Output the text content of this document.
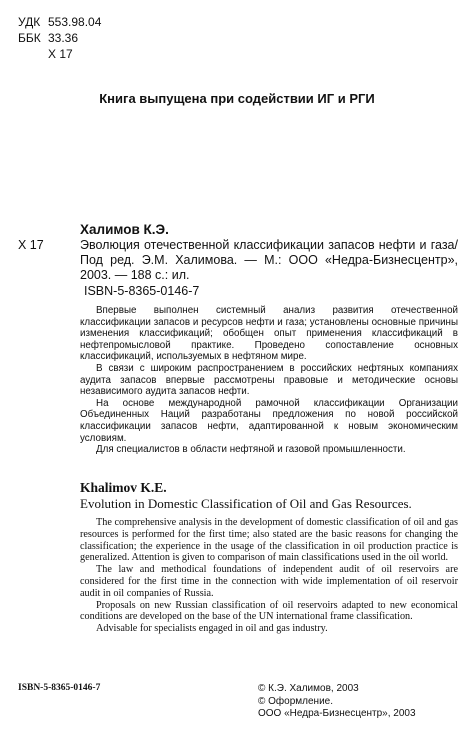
УДК 553.98.04
ББК 33.36
Х 17
Книга выпущена при содействии ИГ и РГИ
Халимов К.Э.
Х 17	Эволюция отечественной классификации запасов нефти и газа/Под ред. Э.М. Халимова. — М.: ООО «Недра-Бизнесцентр», 2003. — 188 с.: ил.
ISBN-5-8365-0146-7

Впервые выполнен системный анализ развития отечественной классификации запасов и ресурсов нефти и газа; установлены основные причины изменения классификаций; обобщен опыт применения классификаций в нефтепромысловой практике. Проведено сопоставление основных классификаций, используемых в нефтяном мире.

В связи с широким распространением в российских нефтяных компаниях аудита запасов впервые рассмотрены правовые и методические основы независимого аудита запасов нефти.

На основе международной рамочной классификации Организации Объединенных Наций разработаны предложения по новой российской классификации запасов нефти, адаптированной к новым экономическим условиям.

Для специалистов в области нефтяной и газовой промышленности.

Khalimov K.E.
Evolution in Domestic Classification of Oil and Gas Resources.

The comprehensive analysis in the development of domestic classification of oil and gas resources is performed for the first time; also stated are the basic reasons for changing the classification; the experience in the usage of the classification in oil production practice is generalized. Attention is given to comparison of main classifications used in the oil world.

The law and methodical foundations of independent audit of oil reservoirs are considered for the first time in the connection with wide implementation of oil reservoir audit in oil companies of Russia.

Proposals on new Russian classification of oil reservoirs adapted to new economical conditions are developed on the base of the UN international frame classification.

Advisable for specialists engaged in oil and gas industry.

ISBN-5-8365-0146-7	© К.Э. Халимов, 2003
© Оформление.
ООО «Недра-Бизнесцентр», 2003
